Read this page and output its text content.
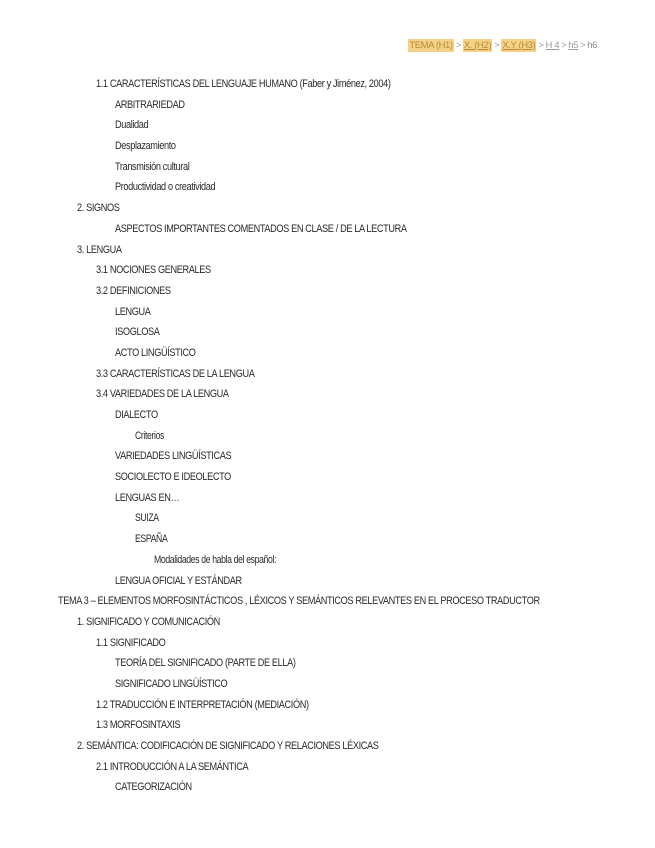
TEMA (H1) > X. (H2) > X.Y (H3) > H 4 > h5 > h6
1.1 CARACTERÍSTICAS DEL LENGUAJE HUMANO (Faber y Jiménez, 2004)
ARBITRARIEDAD
Dualidad
Desplazamiento
Transmisión cultural
Productividad o creatividad
2. SIGNOS
ASPECTOS IMPORTANTES COMENTADOS EN CLASE / DE LA LECTURA
3. LENGUA
3.1 NOCIONES GENERALES
3.2 DEFINICIONES
LENGUA
ISOGLOSA
ACTO LINGÜÍSTICO
3.3 CARACTERÍSTICAS DE LA LENGUA
3.4 VARIEDADES DE LA LENGUA
DIALECTO
Criterios
VARIEDADES LINGÜÍSTICAS
SOCIOLECTO E IDEOLECTO
LENGUAS EN…
SUIZA
ESPAÑA
Modalidades de habla del español:
LENGUA OFICIAL Y ESTÁNDAR
TEMA 3 – ELEMENTOS MORFOSINTÁCTICOS , LÉXICOS Y SEMÁNTICOS RELEVANTES EN EL PROCESO TRADUCTOR
1. SIGNIFICADO Y COMUNICACIÓN
1.1 SIGNIFICADO
TEORÍA DEL SIGNIFICADO (PARTE DE ELLA)
SIGNIFICADO LINGÜÍSTICO
1.2 TRADUCCIÓN E INTERPRETACIÓN (MEDIACIÓN)
1.3 MORFOSINTAXIS
2. SEMÁNTICA: CODIFICACIÓN DE SIGNIFICADO Y RELACIONES LÉXICAS
2.1 INTRODUCCIÓN A LA SEMÁNTICA
CATEGORIZACIÓN
